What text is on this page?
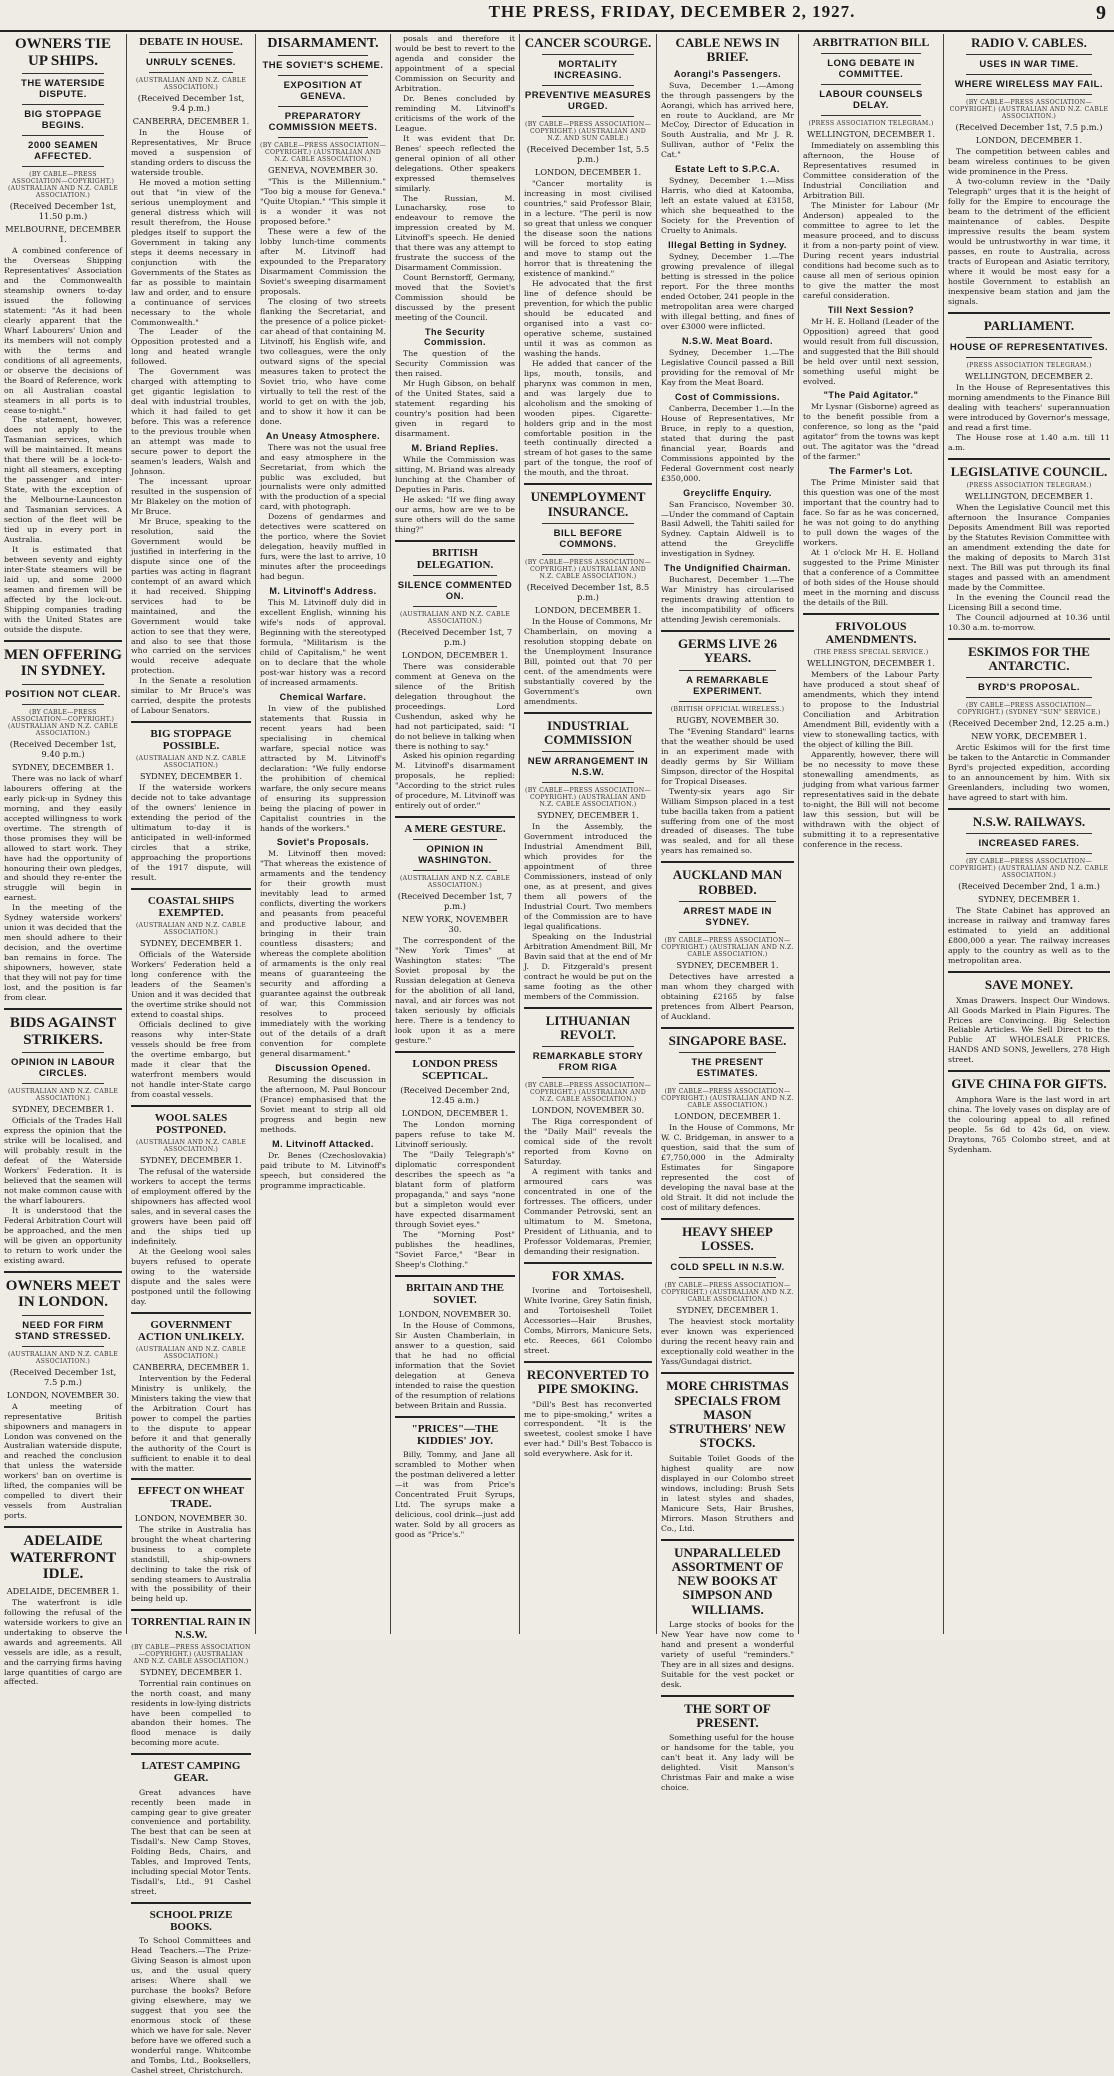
THE PRESS, FRIDAY, DECEMBER 2, 1927.	9
OWNERS TIE UP SHIPS.
THE WATERSIDE DISPUTE.
BIG STOPPAGE BEGINS.
2000 SEAMEN AFFECTED.
(BY CABLE—PRESS ASSOCIATION—COPYRIGHT.) (AUSTRALIAN AND N.Z. CABLE ASSOCIATION.)
(Received December 1st, 11.50 p.m.)
MELBOURNE, DECEMBER 1.
A combined conference of the Overseas Shipping Representatives' Association and the Commonwealth steamship owners to-day issued the following statement: "As it had been clearly apparent that the Wharf Labourers' Union and its members will not comply with the terms and conditions of all agreements, or observe the decisions of the Board of Reference, work on all Australian coastal steamers in all ports is to cease to-night."
The statement, however, does not apply to the Tasmanian services, which will be maintained. It means that there will be a lock-to-night all steamers, excepting the passenger and inter-State, with the exception of the Melbourne-Launceston and Tasmanian services. A section of the fleet will be tied up in every port in Australia.
It is estimated that between seventy and eighty inter-State steamers will be laid up, and some 2000 seamen and firemen will be affected by the lock-out. Shipping companies trading with the United States are outside the dispute.
MEN OFFERING IN SYDNEY.
POSITION NOT CLEAR.
(BY CABLE—PRESS ASSOCIATION—COPYRIGHT.) (AUSTRALIAN AND N.Z. CABLE ASSOCIATION.)
(Received December 1st, 9.40 p.m.)
SYDNEY, DECEMBER 1.
There was no lack of wharf labourers offering at the early pick-up in Sydney this morning, and they easily accepted willingness to work overtime. The strength of those promises they will be allowed to start work. They have had the opportunity of honouring their own pledges, and should they re-enter the struggle will begin in earnest.
In the meeting of the Sydney waterside workers' union it was decided that the men should adhere to their decision, and the overtime ban remains in force. The shipowners, however, state that they will not pay for time lost, and the position is far from clear.
BIDS AGAINST STRIKERS.
OPINION IN LABOUR CIRCLES.
(AUSTRALIAN AND N.Z. CABLE ASSOCIATION.)
SYDNEY, DECEMBER 1.
Officials of the Trades Hall express the opinion that the strike will be localised, and will probably result in the defeat of the Waterside Workers' Federation. It is believed that the seamen will not make common cause with the wharf labourers.
It is understood that the Federal Arbitration Court will be approached, and the men will be given an opportunity to return to work under the existing award.
OWNERS MEET IN LONDON.
NEED FOR FIRM STAND STRESSED.
(AUSTRALIAN AND N.Z. CABLE ASSOCIATION.)
(Received December 1st, 7.5 p.m.)
LONDON, NOVEMBER 30.
A meeting of representative British shipowners and managers in London was convened on the Australian waterside dispute, and reached the conclusion that unless the waterside workers' ban on overtime is lifted, the companies will be compelled to divert their vessels from Australian ports.
ADELAIDE WATERFRONT IDLE.
ADELAIDE, DECEMBER 1.
The waterfront is idle following the refusal of the waterside workers to give an undertaking to observe the awards and agreements. All vessels are idle, as a result, and the carrying firms having large quantities of cargo are affected.
DEBATE IN HOUSE.
UNRULY SCENES.
(AUSTRALIAN AND N.Z. CABLE ASSOCIATION.)
(Received December 1st, 9.4 p.m.)
CANBERRA, DECEMBER 1.
In the House of Representatives, Mr Bruce moved a suspension of standing orders to discuss the waterside trouble.
He moved a motion setting out that "in view of the serious unemployment and general distress which will result therefrom, the House pledges itself to support the Government in taking any steps it deems necessary in conjunction with the Governments of the States as far as possible to maintain law and order, and to ensure a continuance of services necessary to the whole Commonwealth."
The Leader of the Opposition protested and a long and heated wrangle followed.
The Government was charged with attempting to get gigantic legislation to deal with industrial troubles, which it had failed to get before. This was a reference to the previous trouble when an attempt was made to secure power to deport the seamen's leaders, Walsh and Johnson.
The incessant uproar resulted in the suspension of Mr Blakeley on the motion of Mr Bruce.
Mr Bruce, speaking to the resolution, said the Government would be justified in interfering in the dispute since one of the parties was acting in flagrant contempt of an award which it had received. Shipping services had to be maintained, and the Government would take action to see that they were, and also to see that those who carried on the services would receive adequate protection.
In the Senate a resolution similar to Mr Bruce's was carried, despite the protests of Labour Senators.
BIG STOPPAGE POSSIBLE.
(AUSTRALIAN AND N.Z. CABLE ASSOCIATION.)
SYDNEY, DECEMBER 1.
If the waterside workers decide not to take advantage of the owners' lenience in extending the period of the ultimatum to-day it is anticipated in well-informed circles that a strike, approaching the proportions of the 1917 dispute, will result.
COASTAL SHIPS EXEMPTED.
(AUSTRALIAN AND N.Z. CABLE ASSOCIATION.)
SYDNEY, DECEMBER 1.
Officials of the Waterside Workers' Federation held a long conference with the leaders of the Seamen's Union and it was decided that the overtime strike should not extend to coastal ships.
Officials declined to give reasons why inter-State vessels should be free from the overtime embargo, but made it clear that the waterfront members would not handle inter-State cargo from coastal vessels.
WOOL SALES POSTPONED.
(AUSTRALIAN AND N.Z. CABLE ASSOCIATION.)
SYDNEY, DECEMBER 1.
The refusal of the waterside workers to accept the terms of employment offered by the shipowners has affected wool sales, and in several cases the growers have been paid off and the ships tied up indefinitely.
At the Geelong wool sales buyers refused to operate owing to the waterside dispute and the sales were postponed until the following day.
GOVERNMENT ACTION UNLIKELY.
(AUSTRALIAN AND N.Z. CABLE ASSOCIATION.)
CANBERRA, DECEMBER 1.
Intervention by the Federal Ministry is unlikely, the Ministers taking the view that the Arbitration Court has power to compel the parties to the dispute to appear before it and that generally the authority of the Court is sufficient to enable it to deal with the matter.
EFFECT ON WHEAT TRADE.
LONDON, NOVEMBER 30.
The strike in Australia has brought the wheat chartering business to a complete standstill, ship-owners declining to take the risk of sending steamers to Australia with the possibility of their being held up.
TORRENTIAL RAIN IN N.S.W.
(BY CABLE—PRESS ASSOCIATION—COPYRIGHT.) (AUSTRALIAN AND N.Z. CABLE ASSOCIATION.)
SYDNEY, DECEMBER 1.
Torrential rain continues on the north coast, and many residents in low-lying districts have been compelled to abandon their homes. The flood menace is daily becoming more acute.
LATEST CAMPING GEAR.
Great advances have recently been made in camping gear to give greater convenience and portability. The best that can be seen at Tisdall's. New Camp Stoves, Folding Beds, Chairs, and Tables, and Improved Tents, including special Motor Tents. Tisdall's, Ltd., 91 Cashel street.
SCHOOL PRIZE BOOKS.
To School Committees and Head Teachers.—The Prize-Giving Season is almost upon us, and the usual query arises: Where shall we purchase the books? Before giving elsewhere, may we suggest that you see the enormous stock of these which we have for sale. Never before have we offered such a wonderful range. Whitcombe and Tombs, Ltd., Booksellers, Cashel street, Christchurch.
DISARMAMENT.
THE SOVIET'S SCHEME.
EXPOSITION AT GENEVA.
PREPARATORY COMMISSION MEETS.
(BY CABLE—PRESS ASSOCIATION—COPYRIGHT.) (AUSTRALIAN AND N.Z. CABLE ASSOCIATION.)
GENEVA, NOVEMBER 30.
"This is the Millennium." "Too big a mouse for Geneva." "Quite Utopian." "This simple it is a wonder it was not proposed before."
These were a few of the lobby lunch-time comments after M. Litvinoff had expounded to the Preparatory Disarmament Commission the Soviet's sweeping disarmament proposals.
The closing of two streets flanking the Secretariat, and the presence of a police picket-car ahead of that containing M. Litvinoff, his English wife, and two colleagues, were the only outward signs of the special measures taken to protect the Soviet trio, who have come virtually to tell the rest of the world to get on with the job, and to show it how it can be done.
An Uneasy Atmosphere.
There was not the usual free and easy atmosphere in the Secretariat, from which the public was excluded, but journalists were only admitted with the production of a special card, with photograph.
Dozens of gendarmes and detectives were scattered on the portico, where the Soviet delegation, heavily muffled in furs, were the last to arrive, 10 minutes after the proceedings had begun.
M. Litvinoff's Address.
This M. Litvinoff duly did in excellent English, winning his wife's nods of approval. Beginning with the stereotyped formula, "Militarism is the child of Capitalism," he went on to declare that the whole post-war history was a record of increased armaments.
Chemical Warfare.
In view of the published statements that Russia in recent years had been specialising in chemical warfare, special notice was attracted by M. Litvinoff's declaration: "We fully endorse the prohibition of chemical warfare, the only secure means of ensuring its suppression being the placing of power in Capitalist countries in the hands of the workers."
Soviet's Proposals.
M. Litvinoff then moved: "That whereas the existence of armaments and the tendency for their growth must inevitably lead to armed conflicts, diverting the workers and peasants from peaceful and productive labour, and bringing in their train countless disasters; and whereas the complete abolition of armaments is the only real means of guaranteeing the security and affording a guarantee against the outbreak of war, this Commission resolves to proceed immediately with the working out of the details of a draft convention for complete general disarmament."
Discussion Opened.
Resuming the discussion in the afternoon, M. Paul Boncour (France) emphasised that the Soviet meant to strip all old progress and begin new methods.
M. Litvinoff Attacked.
Dr. Benes (Czechoslovakia) paid tribute to M. Litvinoff's speech, but considered the programme impracticable.
posals and therefore it would be best to revert to the agenda and consider the appointment of a special Commission on Security and Arbitration.
Dr. Benes concluded by reminding M. Litvinoff's criticisms of the work of the League.
It was evident that Dr. Benes' speech reflected the general opinion of all other delegations. Other speakers expressed themselves similarly.
The Russian, M. Lunacharsky, rose to endeavour to remove the impression created by M. Litvinoff's speech. He denied that there was any attempt to frustrate the success of the Disarmament Commission.
Count Bernstorff, Germany, moved that the Soviet's Commission should be discussed by the present meeting of the Council.
The Security Commission.
The question of the Security Commission was then raised.
Mr Hugh Gibson, on behalf of the United States, said a statement regarding his country's position had been given in regard to disarmament.
M. Briand Replies.
While the Commission was sitting, M. Briand was already lunching at the Chamber of Deputies in Paris.
He asked: "If we fling away our arms, how are we to be sure others will do the same thing?"
BRITISH DELEGATION.
SILENCE COMMENTED ON.
(AUSTRALIAN AND N.Z. CABLE ASSOCIATION.)
(Received December 1st, 7 p.m.)
LONDON, DECEMBER 1.
There was considerable comment at Geneva on the silence of the British delegation throughout the proceedings. Lord Cushendun, asked why he had not participated, said: "I do not believe in talking when there is nothing to say."
Asked his opinion regarding M. Litvinoff's disarmament proposals, he replied: "According to the strict rules of procedure, M. Litvinoff was entirely out of order."
A MERE GESTURE.
OPINION IN WASHINGTON.
(AUSTRALIAN AND N.Z. CABLE ASSOCIATION.)
(Received December 1st, 7 p.m.)
NEW YORK, NOVEMBER 30.
The correspondent of the "New York Times" at Washington states: "The Soviet proposal by the Russian delegation at Geneva for the abolition of all land, naval, and air forces was not taken seriously by officials here. There is a tendency to look upon it as a mere gesture."
LONDON PRESS SCEPTICAL.
(Received December 2nd, 12.45 a.m.)
LONDON, DECEMBER 1.
The London morning papers refuse to take M. Litvinoff seriously.
The "Daily Telegraph's" diplomatic correspondent describes the speech as "a blatant form of platform propaganda," and says "none but a simpleton would ever have expected disarmament through Soviet eyes."
The "Morning Post" publishes the headlines, "Soviet Farce," "Bear in Sheep's Clothing."
BRITAIN AND THE SOVIET.
LONDON, NOVEMBER 30.
In the House of Commons, Sir Austen Chamberlain, in answer to a question, said that he had no official information that the Soviet delegation at Geneva intended to raise the question of the resumption of relations between Britain and Russia.
"PRICES"—THE KIDDIES' JOY.
Billy, Tommy, and Jane all scrambled to Mother when the postman delivered a letter—it was from Price's Concentrated Fruit Syrups, Ltd. The syrups make a delicious, cool drink—just add water. Sold by all grocers as good as "Price's."
CANCER SCOURGE.
MORTALITY INCREASING.
PREVENTIVE MEASURES URGED.
(BY CABLE—PRESS ASSOCIATION—COPYRIGHT.) (AUSTRALIAN AND N.Z. AND SUN CABLE.)
(Received December 1st, 5.5 p.m.)
LONDON, DECEMBER 1.
"Cancer mortality is increasing in most civilised countries," said Professor Blair, in a lecture. "The peril is now so great that unless we conquer the disease soon the nations will be forced to stop eating and move to stamp out the horror that is threatening the existence of mankind."
He advocated that the first line of defence should be prevention, for which the public should be educated and organised into a vast co-operative scheme, sustained until it was as common as washing the hands.
He added that cancer of the lips, mouth, tonsils, and pharynx was common in men, and was largely due to alcoholism and the smoking of wooden pipes. Cigarette-holders grip and in the most comfortable position in the teeth continually directed a stream of hot gases to the same part of the tongue, the roof of the mouth, and the throat.
UNEMPLOYMENT INSURANCE.
BILL BEFORE COMMONS.
(BY CABLE—PRESS ASSOCIATION—COPYRIGHT.) (AUSTRALIAN AND N.Z. CABLE ASSOCIATION.)
(Received December 1st, 8.5 p.m.)
LONDON, DECEMBER 1.
In the House of Commons, Mr Chamberlain, on moving a resolution stopping debate on the Unemployment Insurance Bill, pointed out that 70 per cent. of the amendments were substantially covered by the Government's own amendments.
INDUSTRIAL COMMISSION
NEW ARRANGEMENT IN N.S.W.
(BY CABLE—PRESS ASSOCIATION—COPYRIGHT.) (AUSTRALIAN AND N.Z. CABLE ASSOCIATION.)
SYDNEY, DECEMBER 1.
In the Assembly, the Government introduced the Industrial Amendment Bill, which provides for the appointment of three Commissioners, instead of only one, as at present, and gives them all powers of the Industrial Court. Two members of the Commission are to have legal qualifications.
Speaking on the Industrial Arbitration Amendment Bill, Mr Bavin said that at the end of Mr J. D. Fitzgerald's present contract he would be put on the same footing as the other members of the Commission.
LITHUANIAN REVOLT.
REMARKABLE STORY FROM RIGA
(BY CABLE—PRESS ASSOCIATION—COPYRIGHT.) (AUSTRALIAN AND N.Z. CABLE ASSOCIATION.)
LONDON, NOVEMBER 30.
The Riga correspondent of the "Daily Mail" reveals the comical side of the revolt reported from Kovno on Saturday.
A regiment with tanks and armoured cars was concentrated in one of the fortresses. The officers, under Commander Petrovski, sent an ultimatum to M. Smetona, President of Lithuania, and to Professor Voldemaras, Premier, demanding their resignation.
FOR XMAS.
Ivorine and Tortoiseshell, White Ivorine, Grey Satin finish, and Tortoiseshell Toilet Accessories—Hair Brushes, Combs, Mirrors, Manicure Sets, etc. Reeces, 661 Colombo street.
RECONVERTED TO PIPE SMOKING.
"Dill's Best has reconverted me to pipe-smoking," writes a correspondent. "It is the sweetest, coolest smoke I have ever had." Dill's Best Tobacco is sold everywhere. Ask for it.
CABLE NEWS IN BRIEF.
Aorangi's Passengers.
Suva, December 1.—Among the through passengers by the Aorangi, which has arrived here, en route to Auckland, are Mr McCoy, Director of Education in South Australia, and Mr J. R. Sullivan, author of "Felix the Cat."
Estate Left to S.P.C.A.
Sydney, December 1.—Miss Harris, who died at Katoomba, left an estate valued at £3158, which she bequeathed to the Society for the Prevention of Cruelty to Animals.
Illegal Betting in Sydney.
Sydney, December 1.—The growing prevalence of illegal betting is stressed in the police report. For the three months ended October, 241 people in the metropolitan area were charged with illegal betting, and fines of over £3000 were inflicted.
N.S.W. Meat Board.
Sydney, December 1.—The Legislative Council passed a Bill providing for the removal of Mr Kay from the Meat Board.
Cost of Commissions.
Canberra, December 1.—In the House of Representatives, Mr Bruce, in reply to a question, stated that during the past financial year, Boards and Commissions appointed by the Federal Government cost nearly £350,000.
Greycliffe Enquiry.
San Francisco, November 30.—Under the command of Captain Basil Adwell, the Tahiti sailed for Sydney. Captain Aldwell is to attend the Greycliffe investigation in Sydney.
The Undignified Chairman.
Bucharest, December 1.—The War Ministry has circularised regiments drawing attention to the incompatibility of officers attending Jewish ceremonials.
GERMS LIVE 26 YEARS.
A REMARKABLE EXPERIMENT.
(BRITISH OFFICIAL WIRELESS.)
RUGBY, NOVEMBER 30.
The "Evening Standard" learns that the weather should be used in an experiment made with deadly germs by Sir William Simpson, director of the Hospital for Tropical Diseases.
Twenty-six years ago Sir William Simpson placed in a test tube bacilla taken from a patient suffering from one of the most dreaded of diseases. The tube was sealed, and for all these years has remained so.
AUCKLAND MAN ROBBED.
ARREST MADE IN SYDNEY.
(BY CABLE—PRESS ASSOCIATION—COPYRIGHT.) (AUSTRALIAN AND N.Z. CABLE ASSOCIATION.)
SYDNEY, DECEMBER 1.
Detectives have arrested a man whom they charged with obtaining £2165 by false pretences from Albert Pearson, of Auckland.
SINGAPORE BASE.
THE PRESENT ESTIMATES.
(BY CABLE—PRESS ASSOCIATION—COPYRIGHT.) (AUSTRALIAN AND N.Z. CABLE ASSOCIATION.)
LONDON, DECEMBER 1.
In the House of Commons, Mr W. C. Bridgeman, in answer to a question, said that the sum of £7,750,000 in the Admiralty Estimates for Singapore represented the cost of developing the naval base at the old Strait. It did not include the cost of military defences.
HEAVY SHEEP LOSSES.
COLD SPELL IN N.S.W.
(BY CABLE—PRESS ASSOCIATION—COPYRIGHT.) (AUSTRALIAN AND N.Z. CABLE ASSOCIATION.)
SYDNEY, DECEMBER 1.
The heaviest stock mortality ever known was experienced during the recent heavy rain and exceptionally cold weather in the Yass/Gundagai district.
MORE CHRISTMAS SPECIALS FROM MASON STRUTHERS' NEW STOCKS.
Suitable Toilet Goods of the highest quality are now displayed in our Colombo street windows, including: Brush Sets in latest styles and shades, Manicure Sets, Hair Brushes, Mirrors. Mason Struthers and Co., Ltd.
UNPARALLELED ASSORTMENT OF NEW BOOKS AT SIMPSON AND WILLIAMS.
Large stocks of books for the New Year have now come to hand and present a wonderful variety of useful "reminders." They are in all sizes and designs. Suitable for the vest pocket or desk.
THE SORT OF PRESENT.
Something useful for the house or handsome for the table, you can't beat it. Any lady will be delighted. Visit Manson's Christmas Fair and make a wise choice.
ARBITRATION BILL
LONG DEBATE IN COMMITTEE.
LABOUR COUNSELS DELAY.
(PRESS ASSOCIATION TELEGRAM.)
WELLINGTON, DECEMBER 1.
Immediately on assembling this afternoon, the House of Representatives resumed in Committee consideration of the Industrial Conciliation and Arbitration Bill.
The Minister for Labour (Mr Anderson) appealed to the committee to agree to let the measure proceed, and to discuss it from a non-party point of view. During recent years industrial conditions had become such as to cause all men of serious opinion to give the matter the most careful consideration.
Till Next Session?
Mr H. E. Holland (Leader of the Opposition) agreed that good would result from full discussion, and suggested that the Bill should be held over until next session, something useful might be evolved.
"The Paid Agitator."
Mr Lysnar (Gisborne) agreed as to the benefit possible from a conference, so long as the "paid agitator" from the towns was kept out. The agitator was the "dread of the farmer."
The Farmer's Lot.
The Prime Minister said that this question was one of the most important that the country had to face. So far as he was concerned, he was not going to do anything to pull down the wages of the workers.
At 1 o'clock Mr H. E. Holland suggested to the Prime Minister that a conference of a Committee of both sides of the House should meet in the morning and discuss the details of the Bill.
FRIVOLOUS AMENDMENTS.
(THE PRESS SPECIAL SERVICE.)
WELLINGTON, DECEMBER 1.
Members of the Labour Party have produced a stout sheaf of amendments, which they intend to propose to the Industrial Conciliation and Arbitration Amendment Bill, evidently with a view to stonewalling tactics, with the object of killing the Bill.
Apparently, however, there will be no necessity to move these stonewalling amendments, as judging from what various farmer representatives said in the debate to-night, the Bill will not become law this session, but will be withdrawn with the object of submitting it to a representative conference in the recess.
RADIO V. CABLES.
USES IN WAR TIME.
WHERE WIRELESS MAY FAIL.
(BY CABLE—PRESS ASSOCIATION—COPYRIGHT.) (AUSTRALIAN AND N.Z. CABLE ASSOCIATION.)
(Received December 1st, 7.5 p.m.)
LONDON, DECEMBER 1.
The competition between cables and beam wireless continues to be given wide prominence in the Press.
A two-column review in the "Daily Telegraph" urges that it is the height of folly for the Empire to encourage the beam to the detriment of the efficient maintenance of cables. Despite impressive results the beam system would be untrustworthy in war time, it passes, en route to Australia, across tracts of European and Asiatic territory, where it would be most easy for a hostile Government to establish an inexpensive beam station and jam the signals.
PARLIAMENT.
HOUSE OF REPRESENTATIVES.
(PRESS ASSOCIATION TELEGRAM.)
WELLINGTON, DECEMBER 2.
In the House of Representatives this morning amendments to the Finance Bill dealing with teachers' superannuation were introduced by Governor's message, and read a first time.
The House rose at 1.40 a.m. till 11 a.m.
LEGISLATIVE COUNCIL.
(PRESS ASSOCIATION TELEGRAM.)
WELLINGTON, DECEMBER 1.
When the Legislative Council met this afternoon the Insurance Companies Deposits Amendment Bill was reported by the Statutes Revision Committee with an amendment extending the date for the making of deposits to March 31st next. The Bill was put through its final stages and passed with an amendment made by the Committee.
In the evening the Council read the Licensing Bill a second time.
The Council adjourned at 10.36 until 10.30 a.m. to-morrow.
ESKIMOS FOR THE ANTARCTIC.
BYRD'S PROPOSAL.
(BY CABLE—PRESS ASSOCIATION—COPYRIGHT.) (SYDNEY "SUN" SERVICE.)
(Received December 2nd, 12.25 a.m.)
NEW YORK, DECEMBER 1.
Arctic Eskimos will for the first time be taken to the Antarctic in Commander Byrd's projected expedition, according to an announcement by him. With six Greenlanders, including two women, have agreed to start with him.
N.S.W. RAILWAYS.
INCREASED FARES.
(BY CABLE—PRESS ASSOCIATION—COPYRIGHT.) (AUSTRALIAN AND N.Z. CABLE ASSOCIATION.)
(Received December 2nd, 1 a.m.)
SYDNEY, DECEMBER 1.
The State Cabinet has approved an increase in railway and tramway fares estimated to yield an additional £800,000 a year. The railway increases apply to the country as well as to the metropolitan area.
SAVE MONEY.
Xmas Drawers. Inspect Our Windows. All Goods Marked in Plain Figures. The Prices are Convincing. Big Selection Reliable Articles. We Sell Direct to the Public AT WHOLESALE PRICES. HANDS AND SONS, Jewellers, 278 High street.
GIVE CHINA FOR GIFTS.
Amphora Ware is the last word in art china. The lovely vases on display are of the colouring appeal to all refined people. 5s 6d to 42s 6d, on view. Draytons, 765 Colombo street, and at Sydenham.
